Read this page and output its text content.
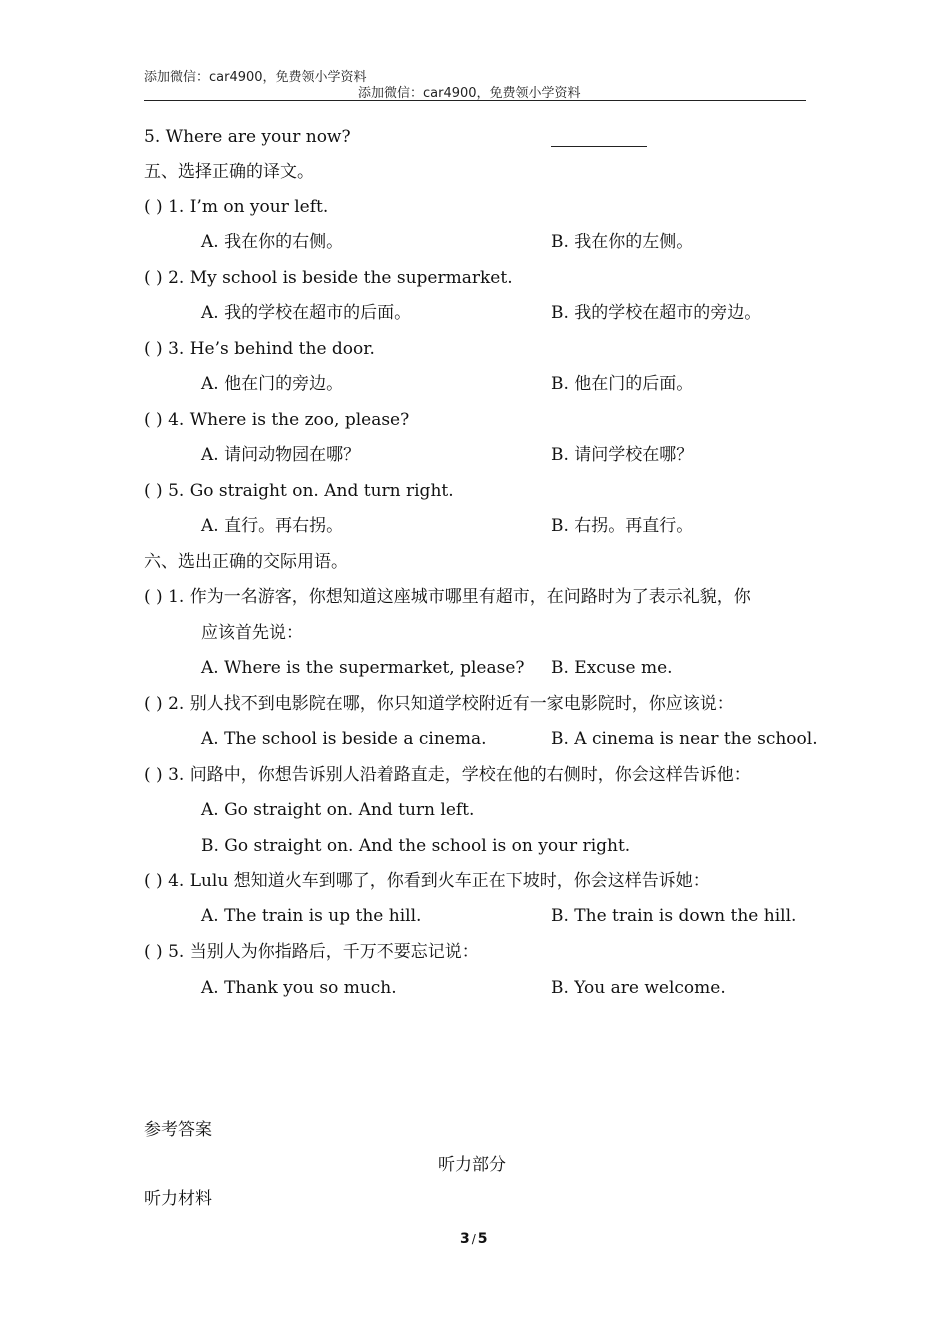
添加微信：car4900，免费领小学资料
添加微信：car4900，免费领小学资料
5. Where are your now?
五、选择正确的译文。
( ) 1. I’m on your left.
A. 我在你的右侧。	B. 我在你的左侧。
( ) 2. My school is beside the supermarket.
A. 我的学校在超市的后面。	B. 我的学校在超市的旁边。
( ) 3. He’s behind the door.
A. 他在门的旁边。	B. 他在门的后面。
( ) 4. Where is the zoo, please?
A. 请问动物园在哪？	B. 请问学校在哪？
( ) 5. Go straight on. And turn right.
A. 直行。再右拐。	B. 右拐。再直行。
六、选出正确的交际用语。
( ) 1. 作为一名游客，你想知道这座城市哪里有超市，在问路时为了表示礼貌，你
应该首先说：
A. Where is the supermarket, please? B. Excuse me.
( ) 2. 别人找不到电影院在哪，你只知道学校附近有一家电影院时，你应该说：
A. The school is beside a cinema.	B. A cinema is near the school.
( ) 3. 问路中，你想告诉别人沿着路直走，学校在他的右侧时，你会这样告诉他：
A. Go straight on. And turn left.
B. Go straight on. And the school is on your right.
( ) 4. Lulu 想知道火车到哪了，你看到火车正在下坡时，你会这样告诉她：
A. The train is up the hill.	B. The train is down the hill.
( ) 5. 当别人为你指路后，千万不要忘记说：
A. Thank you so much.	B. You are welcome.
参考答案
听力部分
听力材料
3 / 5
